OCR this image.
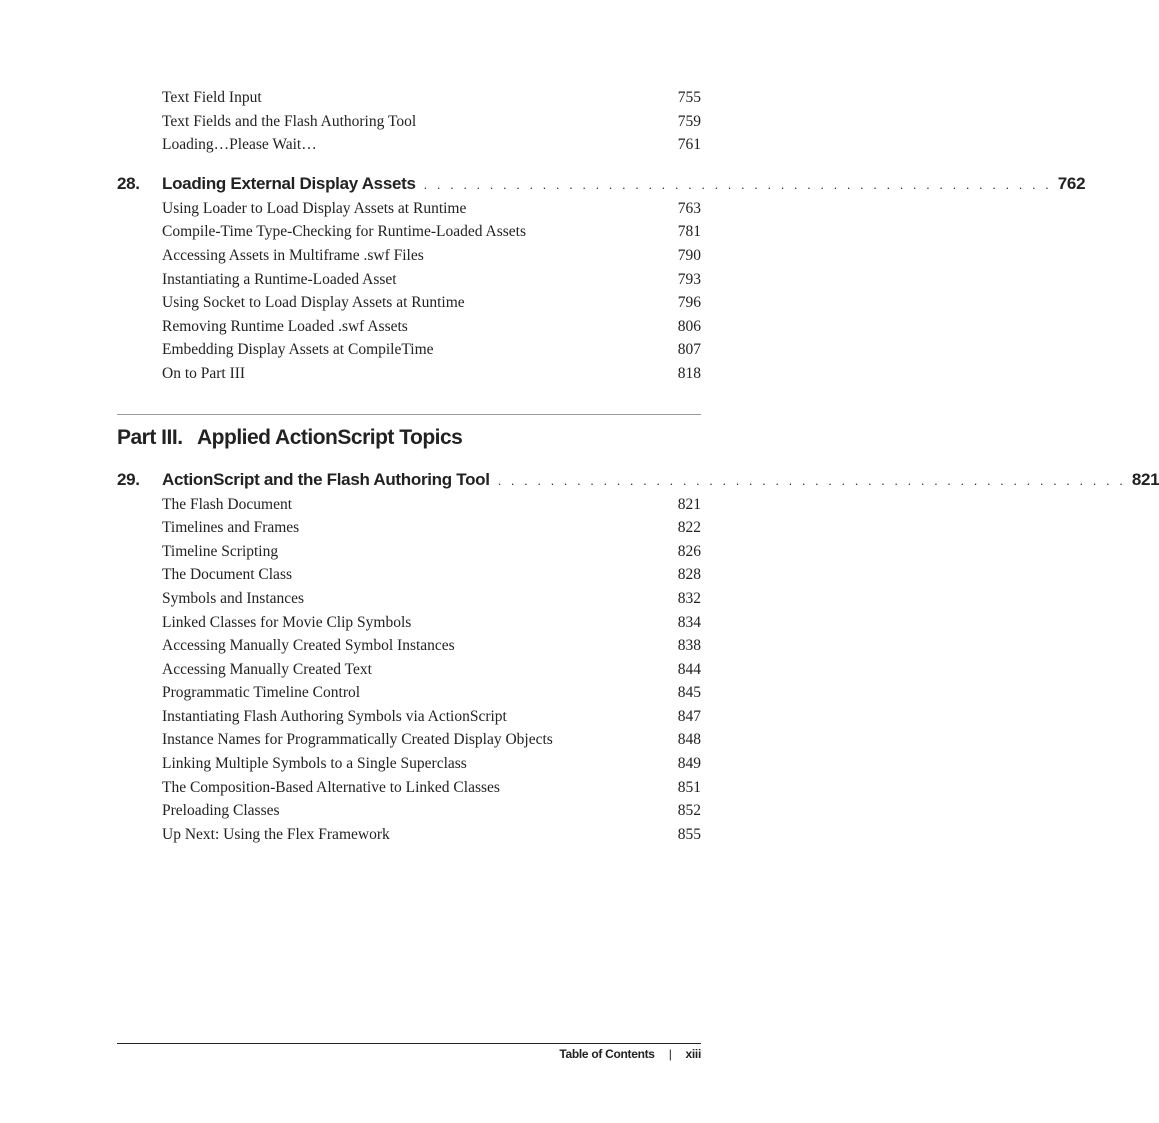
Text Field Input	755
Text Fields and the Flash Authoring Tool	759
Loading…Please Wait…	761
28.	Loading External Display Assets . . . . . . . . . . . . . . . . . . . . . . . . . . . . . . . . . . . . . . . . . . . . . . . . 762
Using Loader to Load Display Assets at Runtime	763
Compile-Time Type-Checking for Runtime-Loaded Assets	781
Accessing Assets in Multiframe .swf Files	790
Instantiating a Runtime-Loaded Asset	793
Using Socket to Load Display Assets at Runtime	796
Removing Runtime Loaded .swf Assets	806
Embedding Display Assets at CompileTime	807
On to Part III	818
Part III. Applied ActionScript Topics
29.	ActionScript and the Flash Authoring Tool . . . . . . . . . . . . . . . . . . . . . . . . . . . . . . . . . . . . . . . . . . . . . . . . 821
The Flash Document	821
Timelines and Frames	822
Timeline Scripting	826
The Document Class	828
Symbols and Instances	832
Linked Classes for Movie Clip Symbols	834
Accessing Manually Created Symbol Instances	838
Accessing Manually Created Text	844
Programmatic Timeline Control	845
Instantiating Flash Authoring Symbols via ActionScript	847
Instance Names for Programmatically Created Display Objects	848
Linking Multiple Symbols to a Single Superclass	849
The Composition-Based Alternative to Linked Classes	851
Preloading Classes	852
Up Next: Using the Flex Framework	855
Table of Contents | xiii
